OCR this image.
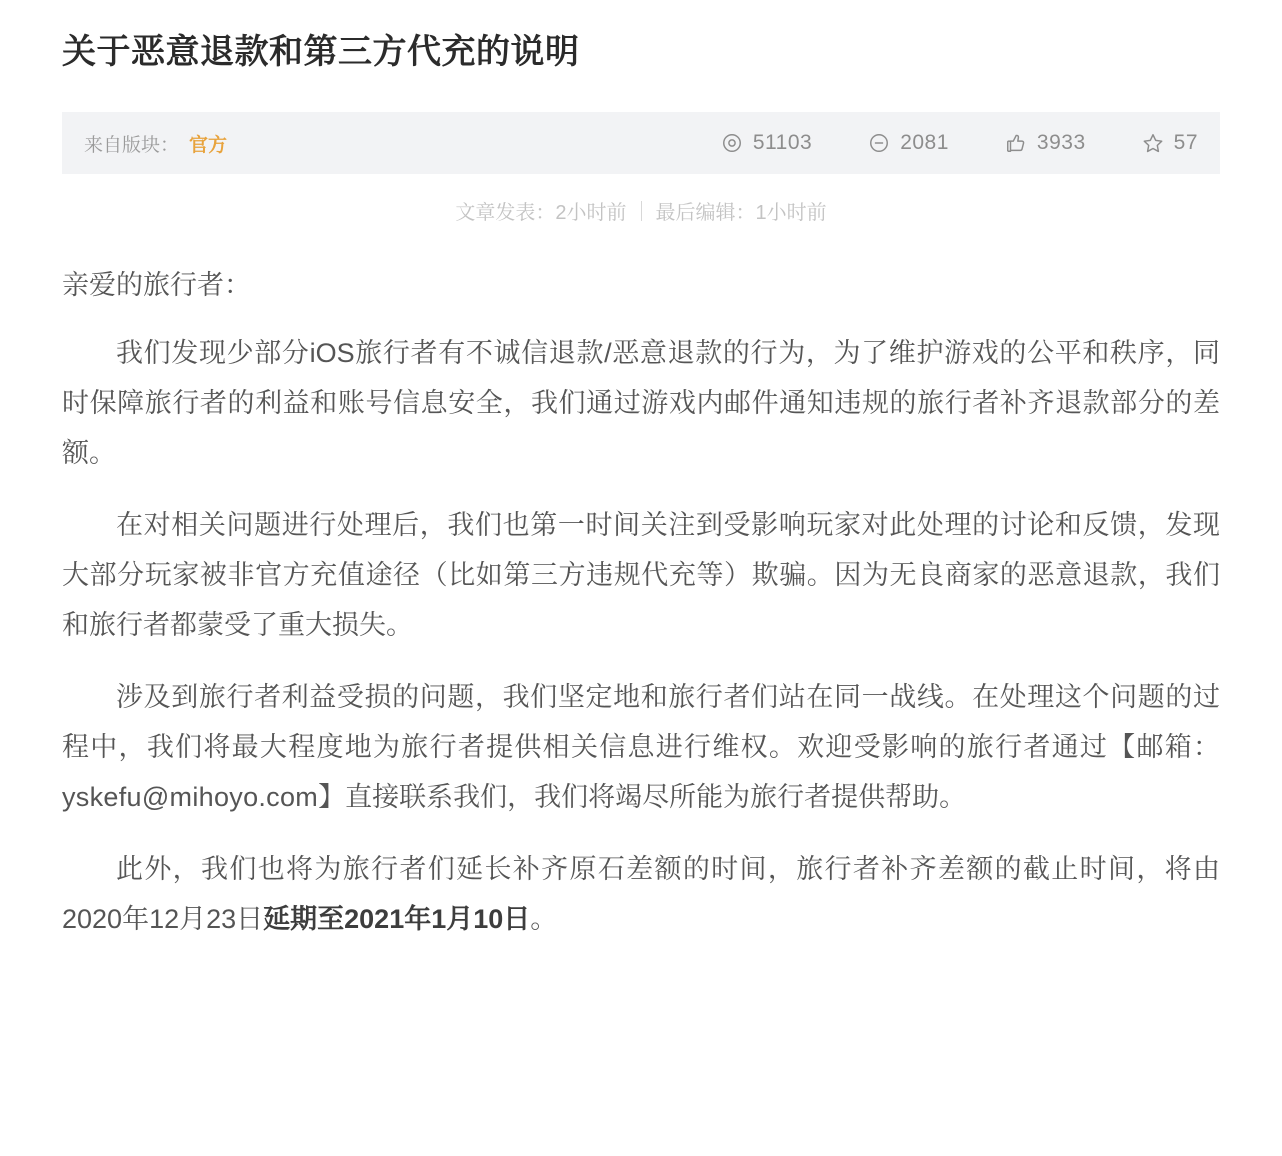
关于恶意退款和第三方代充的说明
来自版块： 官方	51103	2081	3933	57
文章发表：2小时前 最后编辑：1小时前

亲爱的旅行者：

我们发现少部分iOS旅行者有不诚信退款/恶意退款的行为，为了维护游戏的公平和秩序，同时保障旅行者的利益和账号信息安全，我们通过游戏内邮件通知违规的旅行者补齐退款部分的差额。

在对相关问题进行处理后，我们也第一时间关注到受影响玩家对此处理的讨论和反馈，发现大部分玩家被非官方充值途径（比如第三方违规代充等）欺骗。因为无良商家的恶意退款，我们和旅行者都蒙受了重大损失。

涉及到旅行者利益受损的问题，我们坚定地和旅行者们站在同一战线。在处理这个问题的过程中，我们将最大程度地为旅行者提供相关信息进行维权。欢迎受影响的旅行者通过【邮箱：yskefu@mihoyo.com】直接联系我们，我们将竭尽所能为旅行者提供帮助。

此外，我们也将为旅行者们延长补齐原石差额的时间，旅行者补齐差额的截止时间，将由2020年12月23日延期至2021年1月10日。
